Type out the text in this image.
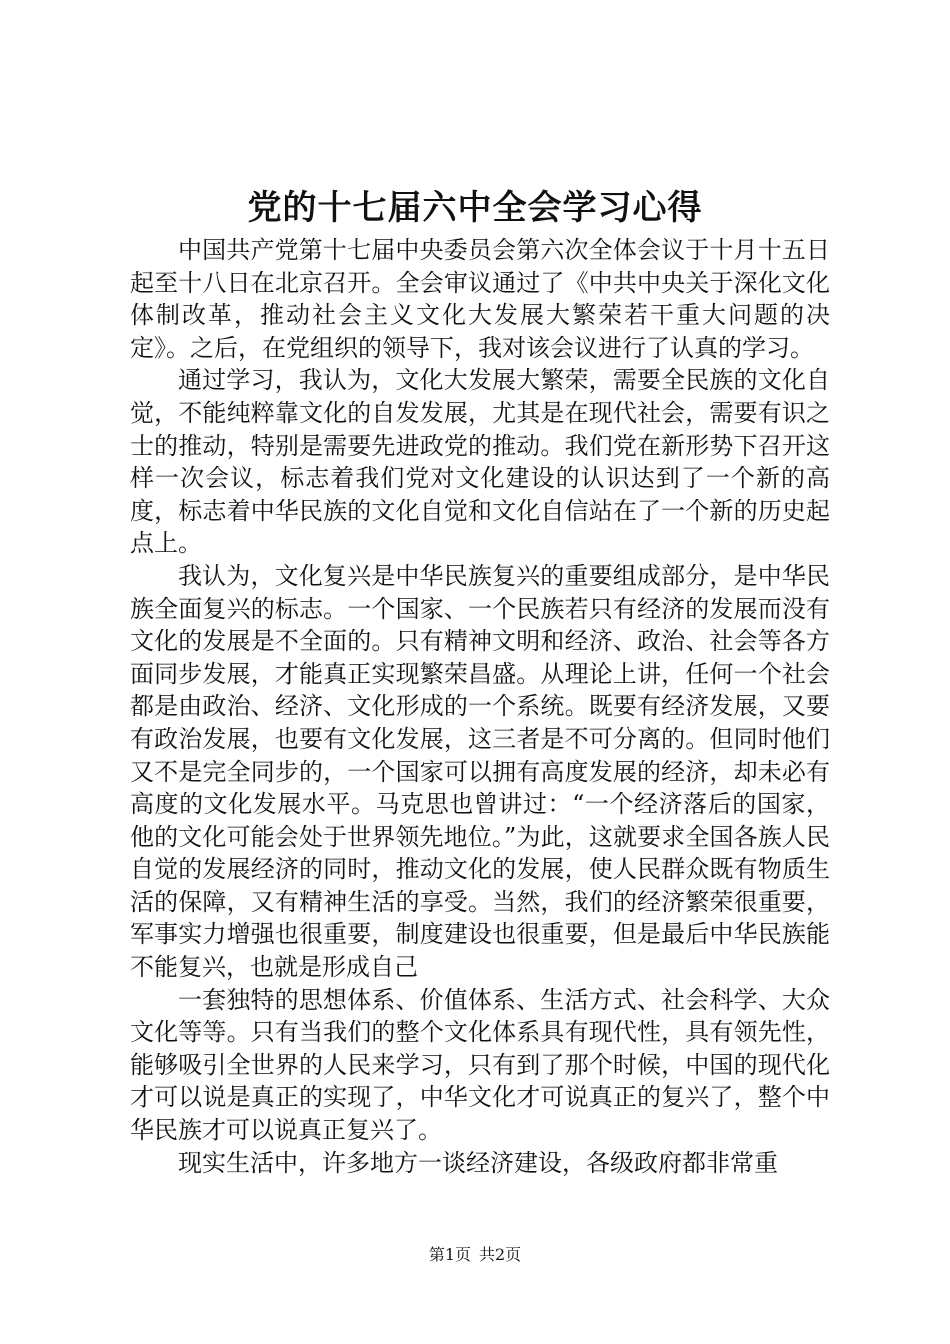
党的十七届六中全会学习心得

中国共产党第十七届中央委员会第六次全体会议于十月十五日起至十八日在北京召开。全会审议通过了《中共中央关于深化文化体制改革，推动社会主义文化大发展大繁荣若干重大问题的决定》。之后，在党组织的领导下，我对该会议进行了认真的学习。

通过学习，我认为，文化大发展大繁荣，需要全民族的文化自觉，不能纯粹靠文化的自发发展，尤其是在现代社会，需要有识之士的推动，特别是需要先进政党的推动。我们党在新形势下召开这样一次会议，标志着我们党对文化建设的认识达到了一个新的高度，标志着中华民族的文化自觉和文化自信站在了一个新的历史起点上。

我认为，文化复兴是中华民族复兴的重要组成部分，是中华民族全面复兴的标志。一个国家、一个民族若只有经济的发展而没有文化的发展是不全面的。只有精神文明和经济、政治、社会等各方面同步发展，才能真正实现繁荣昌盛。从理论上讲，任何一个社会都是由政治、经济、文化形成的一个系统。既要有经济发展，又要有政治发展，也要有文化发展，这三者是不可分离的。但同时他们又不是完全同步的，一个国家可以拥有高度发展的经济，却未必有高度的文化发展水平。马克思也曾讲过：“一个经济落后的国家，他的文化可能会处于世界领先地位。”为此，这就要求全国各族人民自觉的发展经济的同时，推动文化的发展，使人民群众既有物质生活的保障，又有精神生活的享受。当然，我们的经济繁荣很重要，军事实力增强也很重要，制度建设也很重要，但是最后中华民族能不能复兴，也就是形成自己

一套独特的思想体系、价值体系、生活方式、社会科学、大众文化等等。只有当我们的整个文化体系具有现代性，具有领先性，能够吸引全世界的人民来学习，只有到了那个时候，中国的现代化才可以说是真正的实现了，中华文化才可说真正的复兴了，整个中华民族才可以说真正复兴了。

现实生活中，许多地方一谈经济建设，各级政府都非常重

第1页 共2页
